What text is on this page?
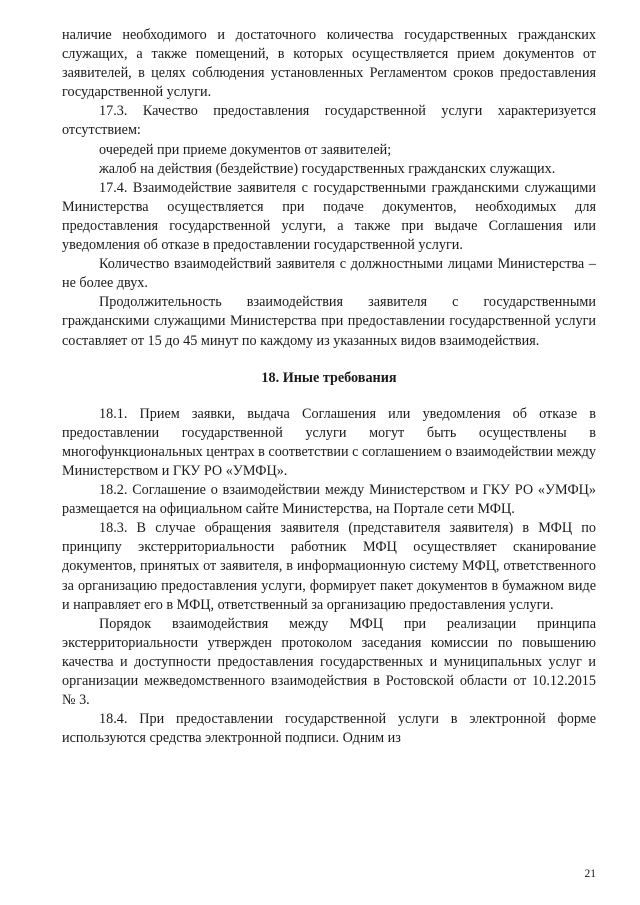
наличие необходимого и достаточного количества государственных гражданских служащих, а также помещений, в которых осуществляется прием документов от заявителей, в целях соблюдения установленных Регламентом сроков предоставления государственной услуги.

17.3. Качество предоставления государственной услуги характеризуется отсутствием:

очередей при приеме документов от заявителей;

жалоб на действия (бездействие) государственных гражданских служащих.

17.4. Взаимодействие заявителя с государственными гражданскими служащими Министерства осуществляется при подаче документов, необходимых для предоставления государственной услуги, а также при выдаче Соглашения или уведомления об отказе в предоставлении государственной услуги.

Количество взаимодействий заявителя с должностными лицами Министерства – не более двух.

Продолжительность взаимодействия заявителя с государственными гражданскими служащими Министерства при предоставлении государственной услуги составляет от 15 до 45 минут по каждому из указанных видов взаимодействия.

18. Иные требования

18.1. Прием заявки, выдача Соглашения или уведомления об отказе в предоставлении государственной услуги могут быть осуществлены в многофункциональных центрах в соответствии с соглашением о взаимодействии между Министерством и ГКУ РО «УМФЦ».

18.2. Соглашение о взаимодействии между Министерством и ГКУ РО «УМФЦ» размещается на официальном сайте Министерства, на Портале сети МФЦ.

18.3. В случае обращения заявителя (представителя заявителя) в МФЦ по принципу экстерриториальности работник МФЦ осуществляет сканирование документов, принятых от заявителя, в информационную систему МФЦ, ответственного за организацию предоставления услуги, формирует пакет документов в бумажном виде и направляет его в МФЦ, ответственный за организацию предоставления услуги.

Порядок взаимодействия между МФЦ при реализации принципа экстерриториальности утвержден протоколом заседания комиссии по повышению качества и доступности предоставления государственных и муниципальных услуг и организации межведомственного взаимодействия в Ростовской области от 10.12.2015 № 3.

18.4. При предоставлении государственной услуги в электронной форме используются средства электронной подписи. Одним из

21
